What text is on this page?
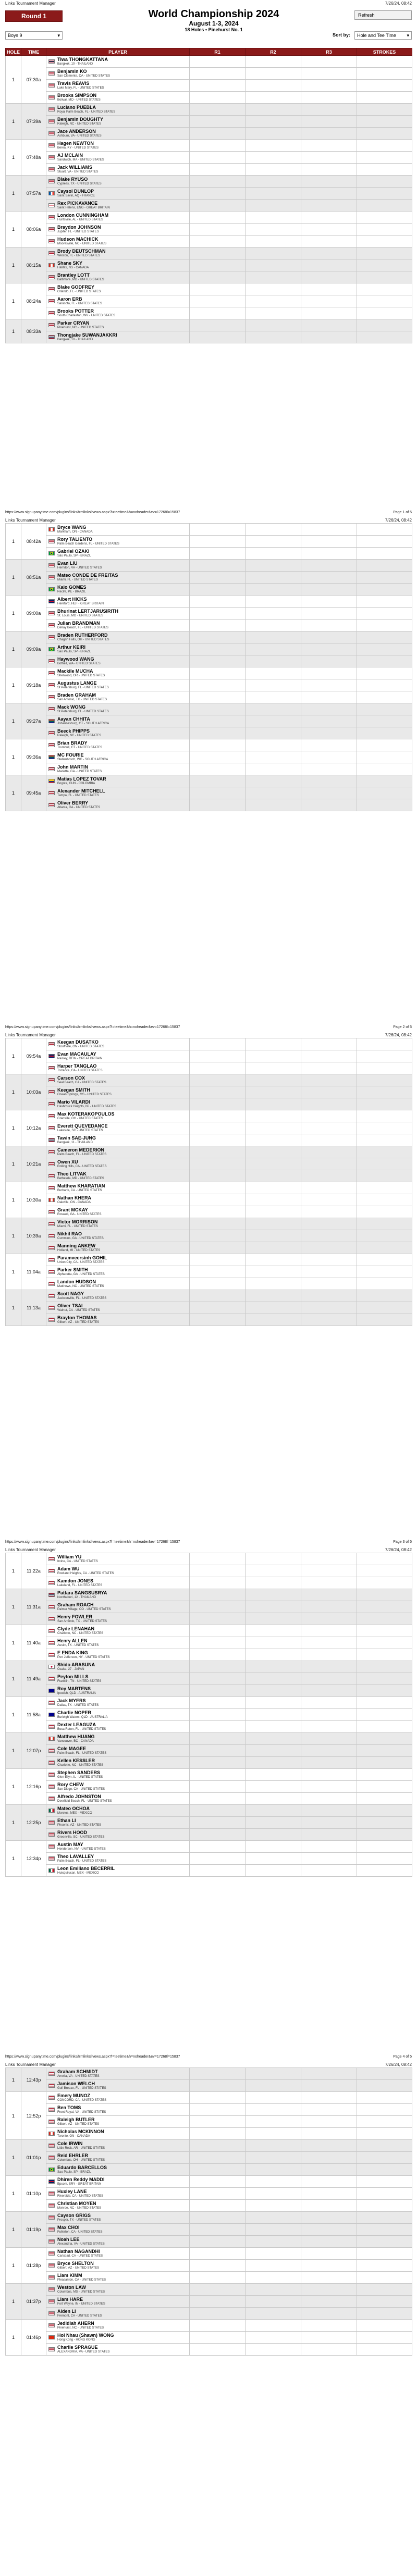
Links Tournament Manager	7/26/24, 08:42
Round 1	World Championship 2024
August 1-3, 2024
18 Holes • Pinehurst No. 1
Refresh
Boys 9	▾	Sort by: Hole and Tee Time ▾
HOLE	TIME	PLAYER	R1	R2	R3	STROKES
1	07:30a	Tiwa THONGKATTANA
Bangkok, 10 - THAILAND				

		Benjamin KO
San Clemente, CA - UNITED STATES				

		Travis REAVIS
Lake Mary, FL - UNITED STATES				

		Brooks SIMPSON
Bolivar, MO - UNITED STATES				

1	07:39a	Luciano PUEBLA
Royal Palm Beach, FL - UNITED STATES				

		Benjamin DOUGHTY
Raleigh, NC - UNITED STATES				

		Jace ANDERSON
Ashburn, VA - UNITED STATES				

1	07:48a	Hagen NEWTON
Berea, KY - UNITED STATES				

		AJ MCLAIN
Sandwich, MA - UNITED STATES				

		Jack WILLIAMS
Stuart, VA - UNITED STATES				

1	07:57a	Blake RYUSO
Cypress, TX - UNITED STATES				

		Caysol DUNLOP
Saint Savin, AQ - FRANCE				

		Rex PICKAVANCE
Saint Helens, ENG - GREAT BRITAIN				

1	08:06a	London CUNNINGHAM
Huntsville, AL - UNITED STATES				

		Braydon JOHNSON
Jupiter, FL - UNITED STATES				

		Hudson MACHICK
Mooresville, NC - UNITED STATES				

1	08:15a	Brody DEUTSCHMAN
Weston, FL - UNITED STATES				

		Shane SKY
Halifax, NS - CANADA				

		Brantley LOTT
Baltimore, MD - UNITED STATES				

1	08:24a	Blake GODFREY
Orlando, FL - UNITED STATES				

		Aaron ERB
Sarasota, FL - UNITED STATES				

		Brooks POTTER
South Charleston, WV - UNITED STATES				

1	08:33a	Parker CRYAN
Pinehurst, NC - UNITED STATES				

		Thongjake SUWANJAKKRI
Bangkok, 10 - THAILAND				

https://www.signupanytime.com/plugins/links/frmlinkslivews.aspx?l=teetime&h=noheader&ev=17268l=15837	Page 1 of 5
Links Tournament Manager	7/26/24, 08:42
1	08:42a	Bryce WANG
Markham, ON - CANADA				

		Rory TALIENTO
Palm Beach Gardens, FL - UNITED STATES				

		Gabriel OZAKI
São Paulo, SP - BRAZIL				

1	08:51a	Evan LIU
Herndon, VA - UNITED STATES				

		Mateo CONDE DE FREITAS
Miami, FL - UNITED STATES				

		Kaio GOMES
Recife, PE - BRAZIL				

1	09:00a	Albert HICKS
Hereford, HEF - GREAT BRITAIN				

		Bhurinat LERTJARUSIRITH
St. Louis, MO - UNITED STATES				

		Julian BRANDMAN
Delray Beach, FL - UNITED STATES				

1	09:09a	Braden RUTHERFORD
Chagrin Falls, OH - UNITED STATES				

		Arthur KEIRI
Sao Paulo, SP - BRAZIL				

		Haywood WANG
Bothell, WA - UNITED STATES				

1	09:18a	Mackile MUCHA
Sherwood, OR - UNITED STATES				

		Augustus LANGE
St Petersburg, FL - UNITED STATES				

		Braden GRAHAM
San Antonio, TX - UNITED STATES				

1	09:27a	Mack WONG
St Petersburg, FL - UNITED STATES				

		Aayan CHHITA
Johannesburg, GT - SOUTH AFRICA				

		Beeck PHIPPS
Raleigh, NC - UNITED STATES				

1	09:36a	Brian BRADY
Trumbull, CT - UNITED STATES				

		MC FOURIE
Stellenbosch, WC - SOUTH AFRICA				

		John MARTIN
Marietta, GA - UNITED STATES				

1	09:45a	Matias LOPEZ TOVAR
Bogota, CUN - COLOMBIA				

		Alexander MITCHELL
Tampa, FL - UNITED STATES				

		Oliver BERRY
Atlanta, GA - UNITED STATES				

https://www.signupanytime.com/plugins/links/frmlinkslivews.aspx?l=teetime&h=noheader&ev=17268l=15837	Page 2 of 5
Links Tournament Manager	7/26/24, 08:42
1	09:54a	Keegan DUSATKO
Stouffville, ON - UNITED STATES				

		Evan MACAULAY
Paisley, RFW - GREAT BRITAIN				

		Harper TANGLAO
Torrance, CA - UNITED STATES				

1	10:03a	Carson COX
Seal Beach, CA - UNITED STATES				

		Keegan SMITH
Ocean Springs, MS - UNITED STATES				

		Mario VILARDI
Hasbrouck Heights, NJ - UNITED STATES				

1	10:12a	Max KOTERAKOPOULOS
Granville, OH - UNITED STATES				

		Everett QUEVEDANCE
Lakeside, SC - UNITED STATES				

		Tawin SAE-JUNG
Bangkok, 11 - THAILAND				

1	10:21a	Cameron MEDERION
Palm Beach, FL - UNITED STATES				

		Owen XU
Rolling Hills, CA - UNITED STATES				

		Theo LITVAK
Bethesda, MD - UNITED STATES				

1	10:30a	Matthew KHARATIAN
Burbank, CA - UNITED STATES				

		Nathan KHERA
Oakville, ON - CANADA				

		Grant MCKAY
Roswell, GA - UNITED STATES				

1	10:39a	Victor MORRISON
Miami, FL - UNITED STATES				

		Nikhil RAO
Cummins, GA - UNITED STATES				

		Manning ANKEW
Holland, MI - UNITED STATES				

1	11:04a	Paramveersinh GOHIL
Union City, CA - UNITED STATES				

		Parker SMITH
Alpharetta, GA - UNITED STATES				

		Landon HUDSON
Matthews, NC - UNITED STATES				

1	11:13a	Scott NAGY
Jacksonville, FL - UNITED STATES				

		Oliver TSAI
Walnut, CA - UNITED STATES				

		Brayton THOMAS
Gilbert, AZ - UNITED STATES				

https://www.signupanytime.com/plugins/links/frmlinkslivews.aspx?l=teetime&h=noheader&ev=17268l=15837	Page 3 of 5
Links Tournament Manager	7/26/24, 08:42
1	11:22a	William YU
Irvine, CA - UNITED STATES				

		Adam WU
Rowland Heights, CA - UNITED STATES				

		Kamdon JONES
Lakeland, FL - UNITED STATES				

1	11:31a	Pattara SANGSUSRYA
Nonthaburi, 12 - THAILAND				

		Graham ROACH
Palmer Village, CO - UNITED STATES				

		Henry FOWLER
San Antonio, TX - UNITED STATES				

1	11:40a	Clyde LENAHAN
Charlotte, NC - UNITED STATES				

		Henry ALLEN
Austin, TX - UNITED STATES				

		E ENDA KING
Port Jefferson, NY - UNITED STATES				

1	11:49a	Shido ARASUNA
Osaka, 27 - JAPAN				

		Peyton MILLS
Franklin, TN - UNITED STATES				

		Roy MARTENS
Ipswich, QLD - AUSTRALIA				

1	11:58a	Jack MYERS
Dallas, TX - UNITED STATES				

		Charlie NOPER
Burleigh Waters, QLD - AUSTRALIA				

		Dexter LEAGUZA
Boca Raton, FL - UNITED STATES				

1	12:07p	Matthew HUANG
Vancouver, BC - CANADA				

		Cole MAGEE
Palm Beach, FL - UNITED STATES				

		Kellen KESSLER
Charlotte, NC - UNITED STATES				

1	12:16p	Stephen SANDERS
Glen Ellyn, IL - UNITED STATES				

		Rory CHEW
San Diego, CA - UNITED STATES				

		Alfredo JOHNSTON
Deerfield Beach, FL - UNITED STATES				

1	12:25p	Mateo OCHOA
Morelos, MEX - MEXICO				

		Ethan LI
Phoenix, AZ - UNITED STATES				

		Rivers HOOD
Greenville, SC - UNITED STATES				

1	12:34p	Austin MAY
Henderson, NV - UNITED STATES				

		Theo LAVALLEY
Palm Beach, FL - UNITED STATES				

		Leon Emiliano BECERRIL
Huixquilucan, MEX - MEXICO				

https://www.signupanytime.com/plugins/links/frmlinkslivews.aspx?l=teetime&h=noheader&ev=17268l=15837	Page 4 of 5
Links Tournament Manager	7/26/24, 08:42
1	12:43p	Graham SCHMIDT
Amelia, VA - UNITED STATES				

		Jamison WELCH
Gulf Breeze, FL - UNITED STATES				

1	12:52p	Emery MUNOZ
CONCORD, CA - UNITED STATES				

		Ben TOMS
Front Royal, VA - UNITED STATES				

		Raleigh BUTLER
Gilbert, AZ - UNITED STATES				

		Nicholas MCKINNON
Toronto, ON - CANADA				

1	01:01p	Cole IRWIN
Little Rock, AR - UNITED STATES				

		Reid EHRLER
Columbus, OH - UNITED STATES				

		Eduardo BARCELLOS
Sao Paulo, SP - BRAZIL				

1	01:10p	Dhiren Reddy MADDI
Epsom, SRY - GREAT BRITAIN				

		Huxley LANE
Riverside, CA - UNITED STATES				

		Christian MOYEN
Monroe, NC - UNITED STATES				

1	01:19p	Cayson GRIGS
Prosper, TX - UNITED STATES				

		Max CHOI
Fullerton, CA - UNITED STATES				

		Noah LEE
Alexandria, VA - UNITED STATES				

1	01:28p	Nathan NAGANDHI
Carlsbad, CA - UNITED STATES				

		Bryce SHELTON
Gilbert, AZ - UNITED STATES				

		Liam KIMM
Pleasanton, CA - UNITED STATES				

1	01:37p	Weston LAW
Columbus, MS - UNITED STATES				

		Liam HARE
Fort Wayne, IN - UNITED STATES				

		Aiden LI
Fremont, CA - UNITED STATES				

1	01:46p	Jedidiah AHERN
Pinehurst, NC - UNITED STATES				

		Hoi Nhau (Shawn) WONG
Hong Kong - HONG KONG				

		Charlie SPRAGUE
ALEXANDRIA, VA - UNITED STATES				
